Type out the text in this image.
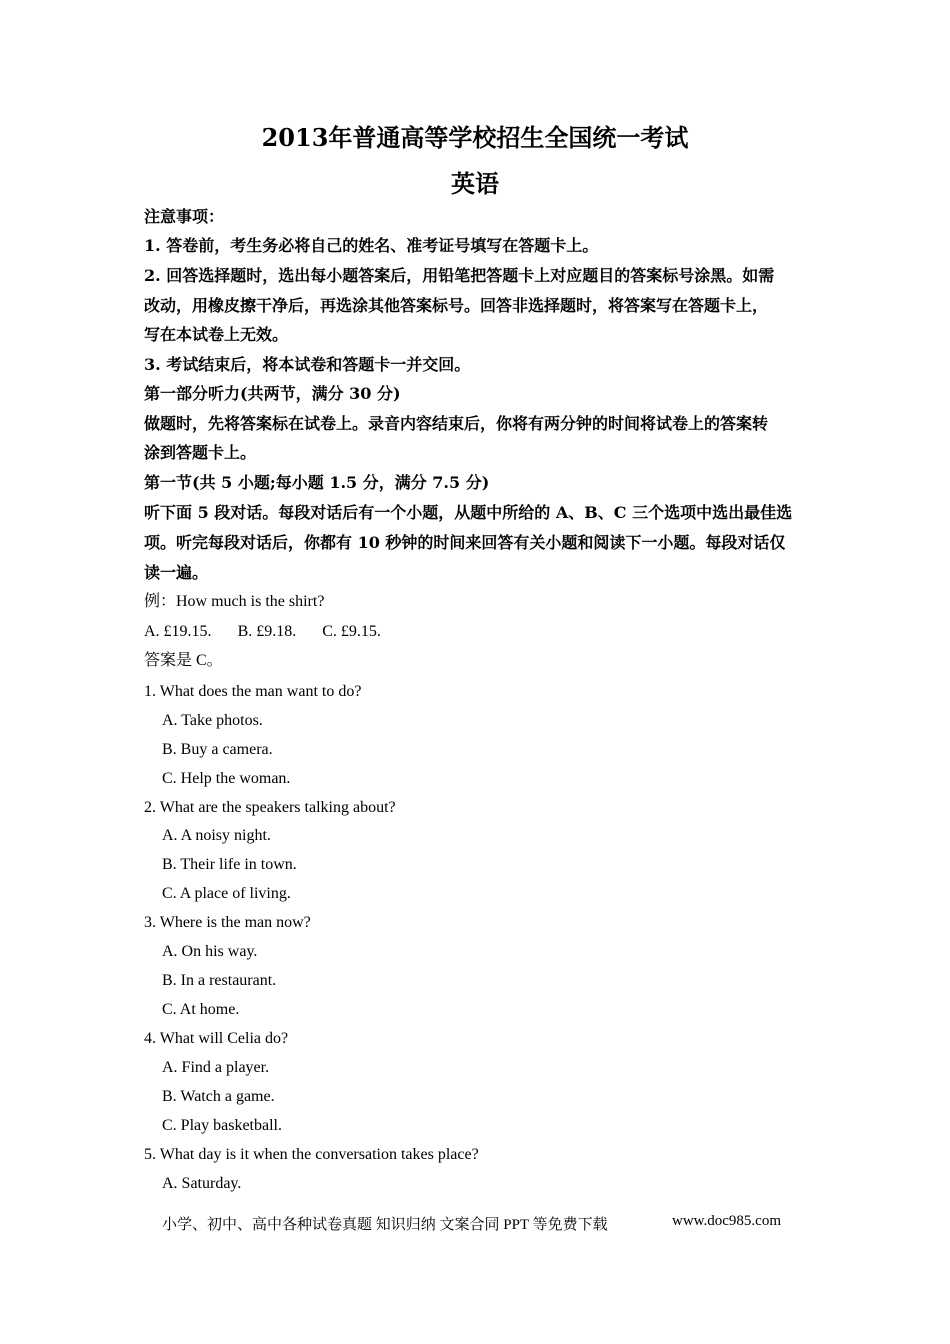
2013年普通高等学校招生全国统一考试
英语
注意事项：
1. 答卷前，考生务必将自己的姓名、准考证号填写在答题卡上。
2. 回答选择题时，选出每小题答案后，用铅笔把答题卡上对应题目的答案标号涂黑。如需
改动，用橡皮擦干净后，再选涂其他答案标号。回答非选择题时，将答案写在答题卡上，
写在本试卷上无效。
3. 考试结束后，将本试卷和答题卡一并交回。
第一部分听力(共两节，满分 30 分)
做题时，先将答案标在试卷上。录音内容结束后，你将有两分钟的时间将试卷上的答案转
涂到答题卡上。
第一节(共 5 小题;每小题 1.5 分，满分 7.5 分)
听下面 5 段对话。每段对话后有一个小题，从题中所给的 A、B、C 三个选项中选出最佳选
项。听完每段对话后，你都有 10 秒钟的时间来回答有关小题和阅读下一小题。每段对话仅
读一遍。
例：How much is the shirt?
A. £19.15. B. £9.18. C. £9.15.
答案是 C。
1. What does the man want to do?
A. Take photos.
B. Buy a camera.
C. Help the woman.
2. What are the speakers talking about?
A. A noisy night.
B. Their life in town.
C. A place of living.
3. Where is the man now?
A. On his way.
B. In a restaurant.
C. At home.
4. What will Celia do?
A. Find a player.
B. Watch a game.
C. Play basketball.
5. What day is it when the conversation takes place?
A. Saturday.
小学、初中、高中各种试卷真题 知识归纳 文案合同 PPT 等免费下载	www.doc985.com
